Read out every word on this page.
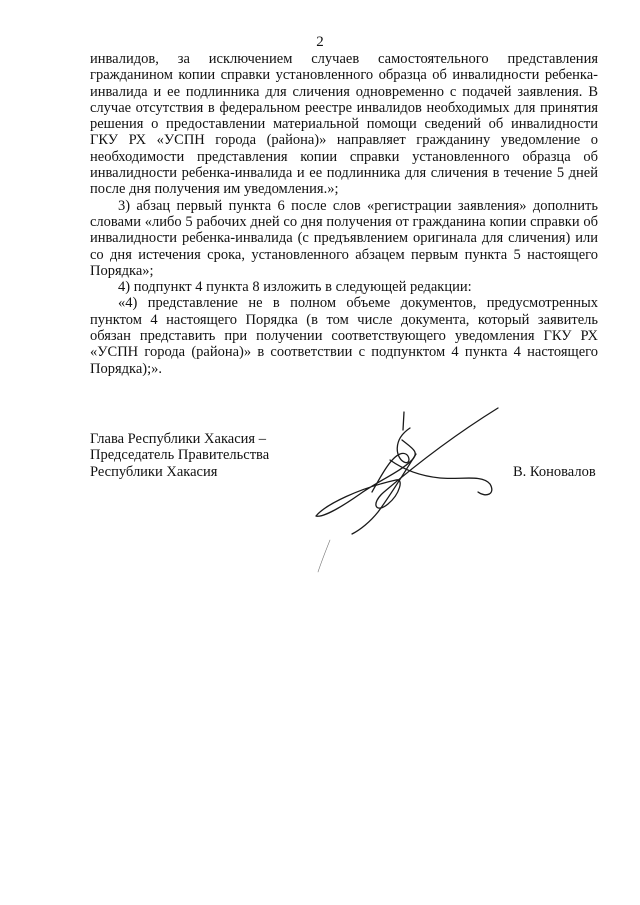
2

инвалидов, за исключением случаев самостоятельного представления гражданином копии справки установленного образца об инвалидности ребенка-инвалида и ее подлинника для сличения одновременно с подачей заявления. В случае отсутствия в федеральном реестре инвалидов необходимых для принятия решения о предоставлении материальной помощи сведений об инвалидности ГКУ РХ «УСПН города (района)» направляет гражданину уведомление о необходимости представления копии справки установленного образца об инвалидности ребенка-инвалида и ее подлинника для сличения в течение 5 дней после дня получения им уведомления.»;

3) абзац первый пункта 6 после слов «регистрации заявления» дополнить словами «либо 5 рабочих дней со дня получения от гражданина копии справки об инвалидности ребенка-инвалида (с предъявлением оригинала для сличения) или со дня истечения срока, установленного абзацем первым пункта 5 настоящего Порядка»;

4) подпункт 4 пункта 8 изложить в следующей редакции:

«4) представление не в полном объеме документов, предусмотренных пунктом 4 настоящего Порядка (в том числе документа, который заявитель обязан представить при получении соответствующего уведомления ГКУ РХ «УСПН города (района)» в соответствии с подпунктом 4 пункта 4 настоящего Порядка);».

Глава Республики Хакасия –
Председатель Правительства
Республики Хакасия	В. Коновалов
